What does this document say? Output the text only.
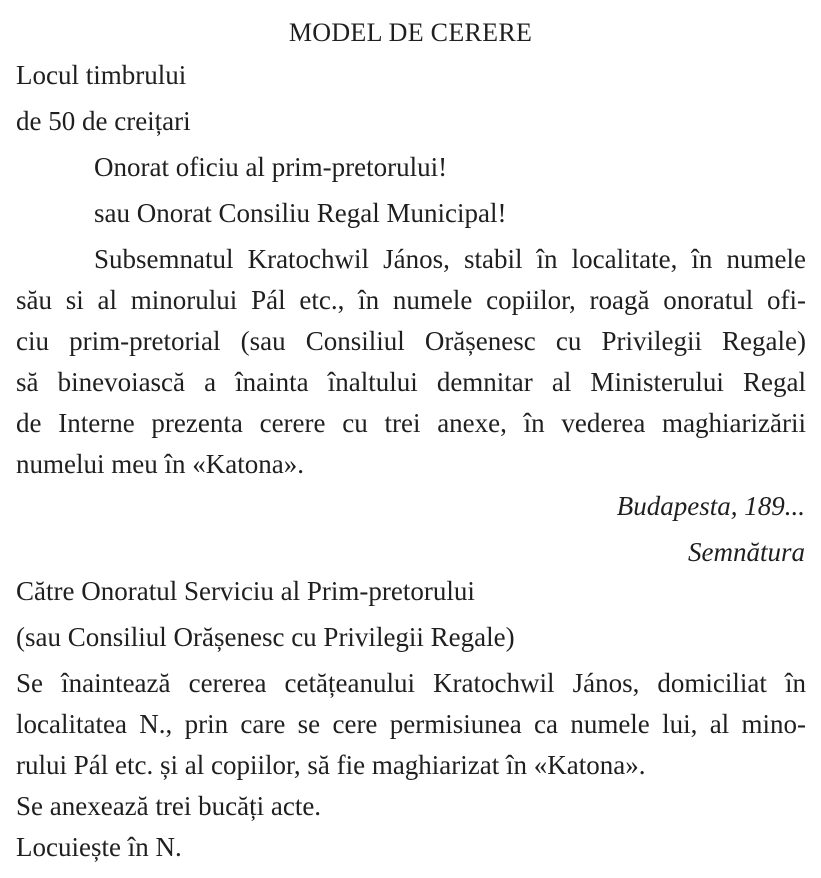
MODEL DE CERERE
Locul timbrului
de 50 de creițari
Onorat oficiu al prim-pretorului!
sau Onorat Consiliu Regal Municipal!
Subsemnatul Kratochwil János, stabil în localitate, în numele
său si al minorului Pál etc., în numele copiilor, roagă onoratul ofi-
ciu prim-pretorial (sau Consiliul Orășenesc cu Privilegii Regale)
să binevoiască a înainta înaltului demnitar al Ministerului Regal
de Interne prezenta cerere cu trei anexe, în vederea maghiarizării
numelui meu în «Katona».
Budapesta, 189...
Semnătura
Către Onoratul Serviciu al Prim-pretorului
(sau Consiliul Orășenesc cu Privilegii Regale)
Se înaintează cererea cetățeanului Kratochwil János, domiciliat în
localitatea N., prin care se cere permisiunea ca numele lui, al mino-
rului Pál etc. și al copiilor, să fie maghiarizat în «Katona».
Se anexează trei bucăți acte.
Locuiește în N.
